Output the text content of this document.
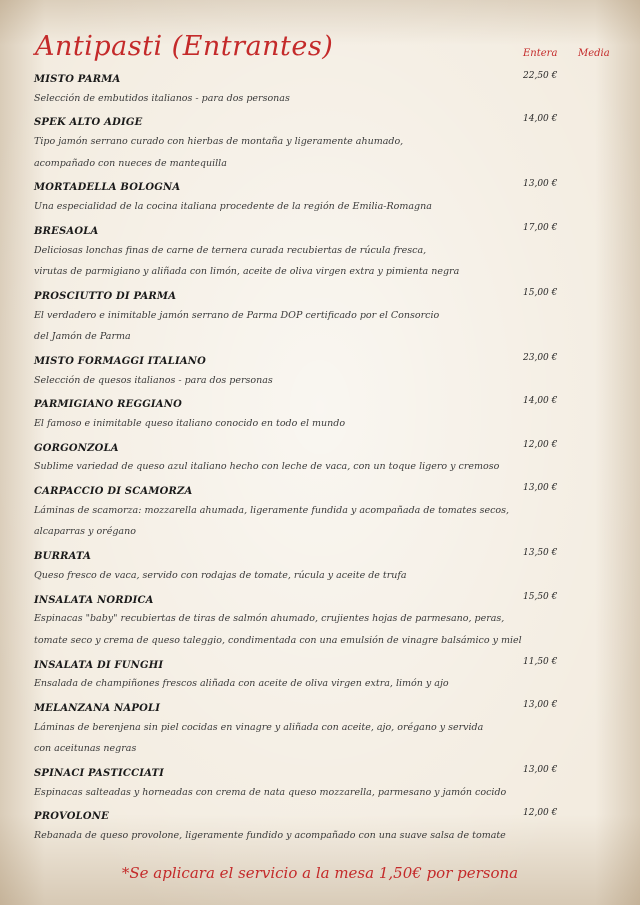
Antipasti (Entrantes)	Entera Media
MISTO PARMA	22,50 €
Selección de embutidos italianos - para dos personas
SPEK ALTO ADIGE	14,00 €
Tipo jamón serrano curado con hierbas de montaña y ligeramente ahumado,
acompañado con nueces de mantequilla
MORTADELLA BOLOGNA	13,00 €
Una especialidad de la cocina italiana procedente de la región de Emilia-Romagna
BRESAOLA	17,00 €
Deliciosas lonchas finas de carne de ternera curada recubiertas de rúcula fresca,
virutas de parmigiano y aliñada con limón, aceite de oliva virgen extra y pimienta negra
PROSCIUTTO DI PARMA	15,00 €
El verdadero e inimitable jamón serrano de Parma DOP certificado por el Consorcio
del Jamón de Parma
MISTO FORMAGGI ITALIANO	23,00 €
Selección de quesos italianos - para dos personas
PARMIGIANO REGGIANO	14,00 €
El famoso e inimitable queso italiano conocido en todo el mundo
GORGONZOLA	12,00 €
Sublime variedad de queso azul italiano hecho con leche de vaca, con un toque ligero y cremoso
CARPACCIO DI SCAMORZA	13,00 €
Láminas de scamorza: mozzarella ahumada, ligeramente fundida y acompañada de tomates secos,
alcaparras y orégano
BURRATA	13,50 €
Queso fresco de vaca, servido con rodajas de tomate, rúcula y aceite de trufa
INSALATA NORDICA	15,50 €
Espinacas "baby" recubiertas de tiras de salmón ahumado, crujientes hojas de parmesano, peras,
tomate seco y crema de queso taleggio, condimentada con una emulsión de vinagre balsámico y miel
INSALATA DI FUNGHI	11,50 €
Ensalada de champiñones frescos aliñada con aceite de oliva virgen extra, limón y ajo
MELANZANA NAPOLI	13,00 €
Láminas de berenjena sin piel cocidas en vinagre y aliñada con aceite, ajo, orégano y servida
con aceitunas negras
SPINACI PASTICCIATI	13,00 €
Espinacas salteadas y horneadas con crema de nata queso mozzarella, parmesano y jamón cocido
PROVOLONE	12,00 €
Rebanada de queso provolone, ligeramente fundido y acompañado con una suave salsa de tomate
*Se aplicara el servicio a la mesa 1,50€ por persona
